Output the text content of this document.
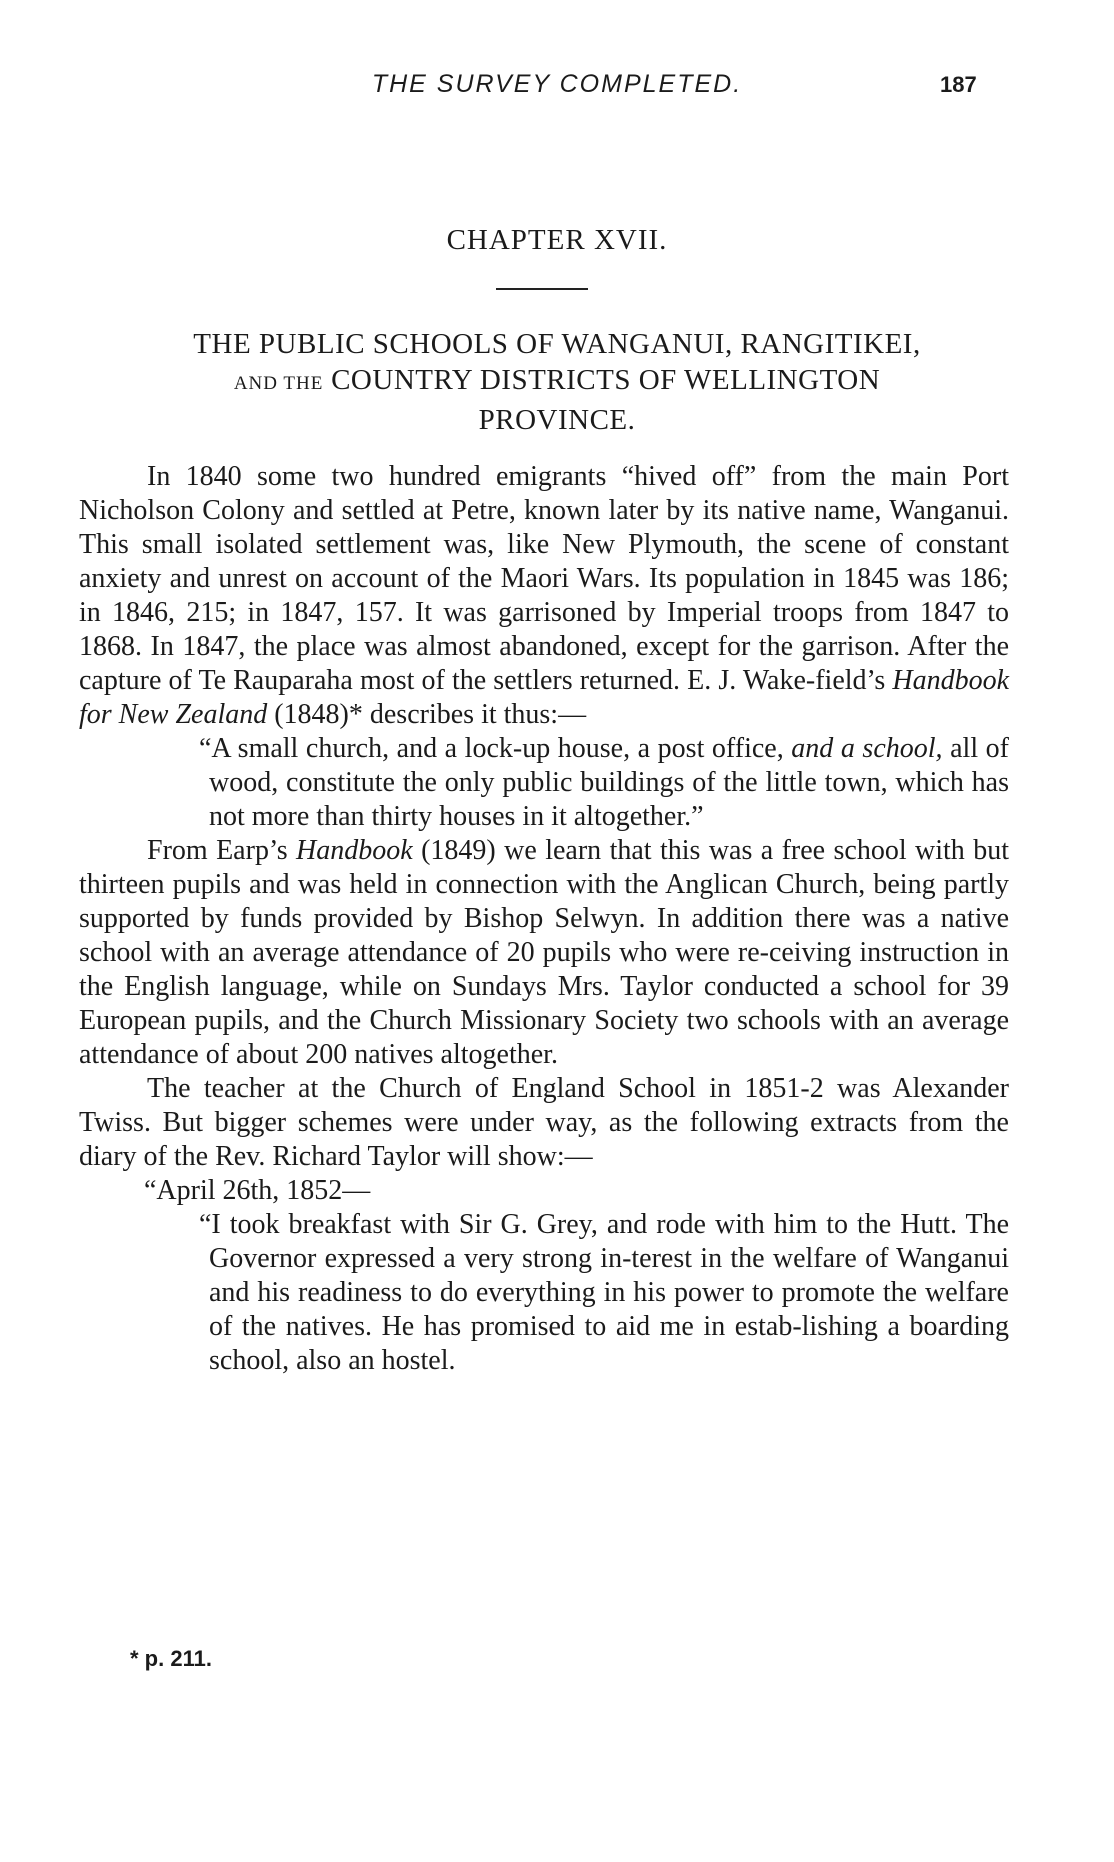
THE SURVEY COMPLETED.	187
CHAPTER XVII.
THE PUBLIC SCHOOLS OF WANGANUI, RANGITIKEI,
AND THE COUNTRY DISTRICTS OF WELLINGTON
PROVINCE.

In 1840 some two hundred emigrants “hived off” from the main Port Nicholson Colony and settled at Petre, known later by its native name, Wanganui. This small isolated settlement was, like New Plymouth, the scene of constant anxiety and unrest on account of the Maori Wars. Its population in 1845 was 186; in 1846, 215; in 1847, 157. It was garrisoned by Imperial troops from 1847 to 1868. In 1847, the place was almost abandoned, except for the garrison. After the capture of Te Rauparaha most of the settlers returned. E. J. Wake-field’s Handbook for New Zealand (1848)* describes it thus:—

“A small church, and a lock-up house, a post office, and a school, all of wood, constitute the only public buildings of the little town, which has not more than thirty houses in it altogether.”

From Earp’s Handbook (1849) we learn that this was a free school with but thirteen pupils and was held in connection with the Anglican Church, being partly supported by funds provided by Bishop Selwyn. In addition there was a native school with an average attendance of 20 pupils who were re-ceiving instruction in the English language, while on Sundays Mrs. Taylor conducted a school for 39 European pupils, and the Church Missionary Society two schools with an average attendance of about 200 natives altogether.

The teacher at the Church of England School in 1851-2 was Alexander Twiss. But bigger schemes were under way, as the following extracts from the diary of the Rev. Richard Taylor will show:—

“April 26th, 1852—

“I took breakfast with Sir G. Grey, and rode with him to the Hutt. The Governor expressed a very strong in-terest in the welfare of Wanganui and his readiness to do everything in his power to promote the welfare of the natives. He has promised to aid me in estab-lishing a boarding school, also an hostel.

* p. 211.
